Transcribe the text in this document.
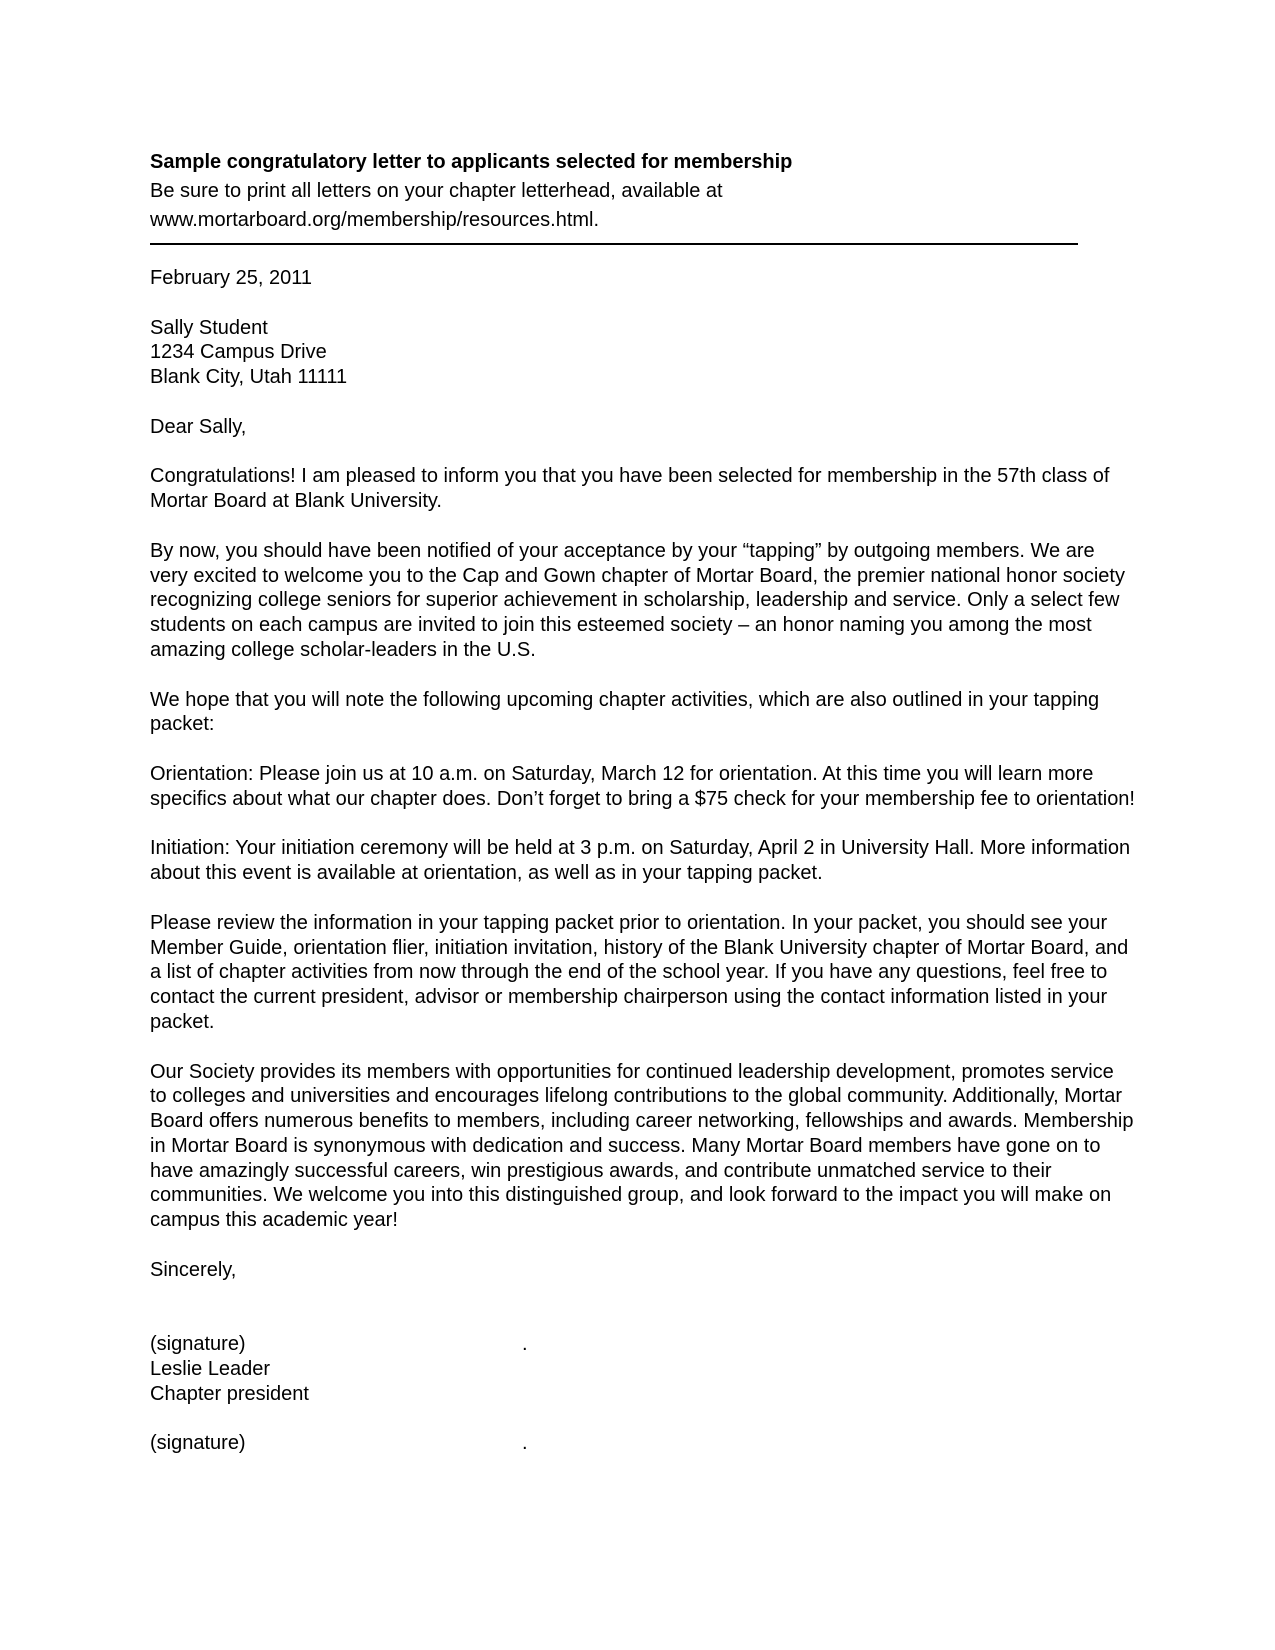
Sample congratulatory letter to applicants selected for membership

Be sure to print all letters on your chapter letterhead, available at

www.mortarboard.org/membership/resources.html.

February 25, 2011

Sally Student

1234 Campus Drive

Blank City, Utah 11111

Dear Sally,

Congratulations! I am pleased to inform you that you have been selected for membership in the 57th class of Mortar Board at Blank University.

By now, you should have been notified of your acceptance by your “tapping” by outgoing members. We are very excited to welcome you to the Cap and Gown chapter of Mortar Board, the premier national honor society recognizing college seniors for superior achievement in scholarship, leadership and service. Only a select few students on each campus are invited to join this esteemed society – an honor naming you among the most amazing college scholar-leaders in the U.S.

We hope that you will note the following upcoming chapter activities, which are also outlined in your tapping packet:

Orientation: Please join us at 10 a.m. on Saturday, March 12 for orientation. At this time you will learn more specifics about what our chapter does. Don’t forget to bring a $75 check for your membership fee to orientation!

Initiation: Your initiation ceremony will be held at 3 p.m. on Saturday, April 2 in University Hall. More information about this event is available at orientation, as well as in your tapping packet.

Please review the information in your tapping packet prior to orientation. In your packet, you should see your Member Guide, orientation flier, initiation invitation, history of the Blank University chapter of Mortar Board, and a list of chapter activities from now through the end of the school year. If you have any questions, feel free to contact the current president, advisor or membership chairperson using the contact information listed in your packet.

Our Society provides its members with opportunities for continued leadership development, promotes service to colleges and universities and encourages lifelong contributions to the global community. Additionally, Mortar Board offers numerous benefits to members, including career networking, fellowships and awards. Membership in Mortar Board is synonymous with dedication and success. Many Mortar Board members have gone on to have amazingly successful careers, win prestigious awards, and contribute unmatched service to their communities. We welcome you into this distinguished group, and look forward to the impact you will make on campus this academic year!

Sincerely,

(signature)	.

Leslie Leader

Chapter president

(signature)	.
